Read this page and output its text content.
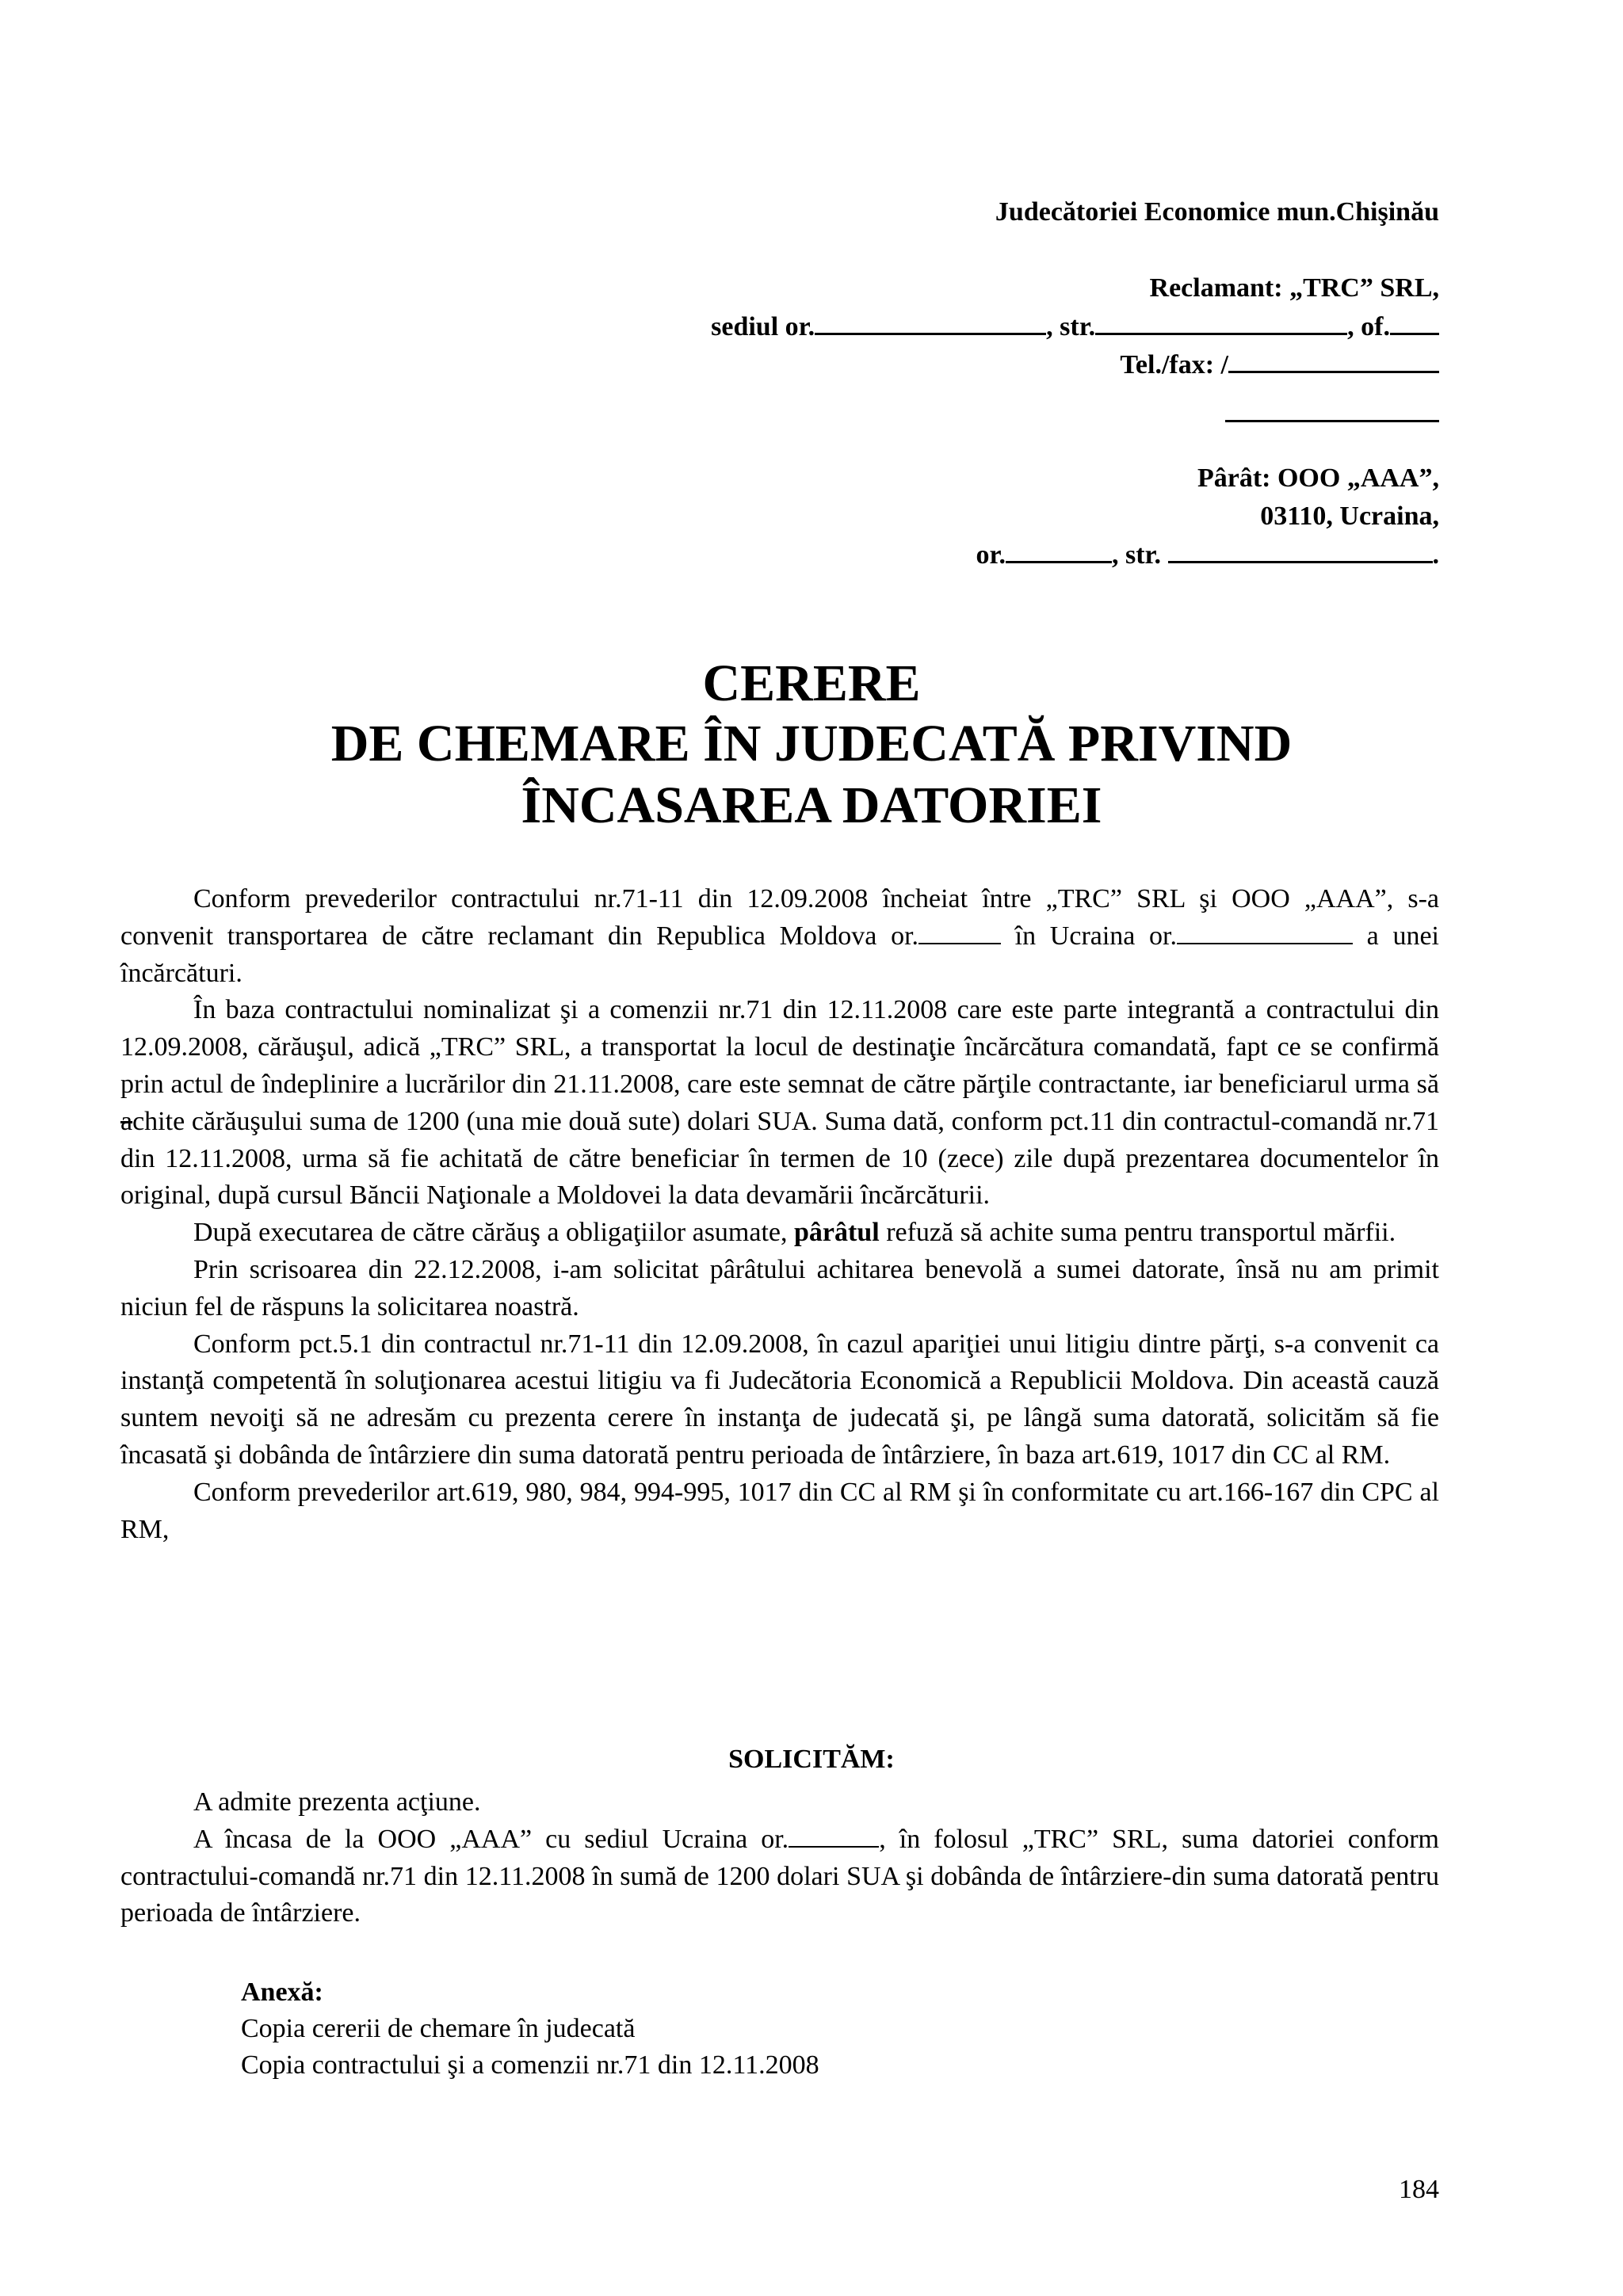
Judecătoriei Economice mun.Chişinău
Reclamant: „TRC” SRL,
sediul or.	, str.	, of.
Tel./fax: /
Pârât: OOO „AAA”,
03110, Ucraina,
or.	, str.	.
CERERE
DE CHEMARE ÎN JUDECATĂ PRIVIND
ÎNCASAREA DATORIEI

Conform prevederilor contractului nr.71-11 din 12.09.2008 încheiat între „TRC” SRL şi OOO „AAA”, s-a convenit transportarea de către reclamant din Republica Moldova or.	în Ucraina or.	a unei încărcături.

În baza contractului nominalizat şi a comenzii nr.71 din 12.11.2008 care este parte integrantă a contractului din 12.09.2008, cărăuşul, adică „TRC” SRL, a transportat la locul de destinaţie încărcătura comandată, fapt ce se confirmă prin actul de îndeplinire a lucrărilor din 21.11.2008, care este semnat de către părţile contractante, iar beneficiarul urma să achite cărăuşului suma de 1200 (una mie două sute) dolari SUA. Suma dată, conform pct.11 din contractul-comandă nr.71 din 12.11.2008, urma să fie achitată de către beneficiar în termen de 10 (zece) zile după prezentarea documentelor în original, după cursul Băncii Naţionale a Moldovei la data devamării încărcăturii.

După executarea de către cărăuş a obligaţiilor asumate, pârâtul refuză să achite suma pentru transportul mărfii.

Prin scrisoarea din 22.12.2008, i-am solicitat pârâtului achitarea benevolă a sumei datorate, însă nu am primit niciun fel de răspuns la solicitarea noastră.

Conform pct.5.1 din contractul nr.71-11 din 12.09.2008, în cazul apariţiei unui litigiu dintre părţi, s-a convenit ca instanţă competentă în soluţionarea acestui litigiu va fi Judecătoria Economică a Republicii Moldova. Din această cauză suntem nevoiţi să ne adresăm cu prezenta cerere în instanţa de judecată şi, pe lângă suma datorată, solicităm să fie încasată şi dobânda de întârziere din suma datorată pentru perioada de întârziere, în baza art.619, 1017 din CC al RM.

Conform prevederilor art.619, 980, 984, 994-995, 1017 din CC al RM şi în conformitate cu art.166-167 din CPC al RM,

SOLICITĂM:

A admite prezenta acţiune.

A încasa de la OOO „AAA” cu sediul Ucraina or.	, în folosul „TRC” SRL, suma datoriei conform contractului-comandă nr.71 din 12.11.2008 în sumă de 1200 dolari SUA şi dobânda de întârziere-din suma datorată pentru perioada de întârziere.

Anexă:
Copia cererii de chemare în judecată
Copia contractului şi a comenzii nr.71 din 12.11.2008
184
